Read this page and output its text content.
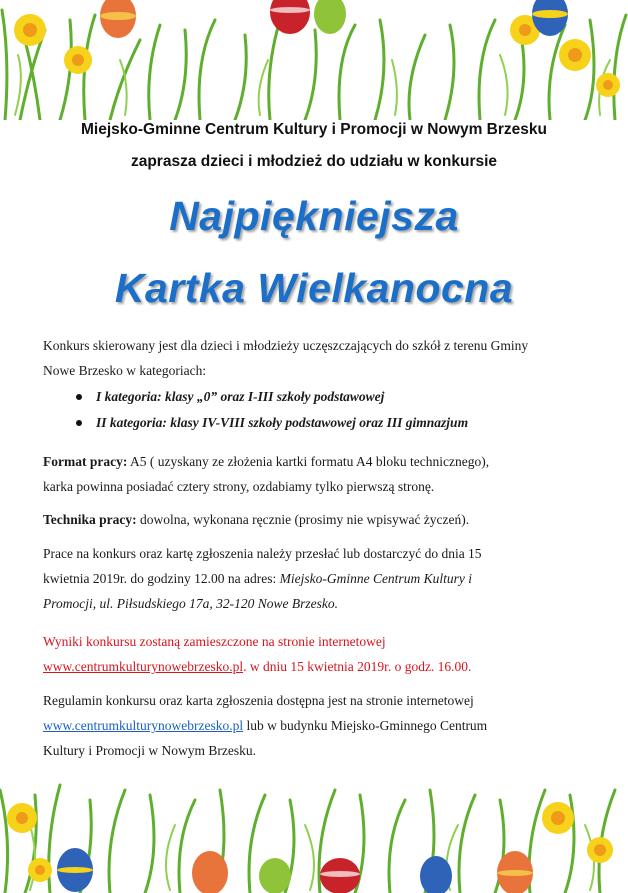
Miejsko-Gminne Centrum Kultury i Promocji w Nowym Brzesku
zaprasza dzieci i młodzież do udziału w konkursie
Najpiękniejsza
Kartka Wielkanocna
Konkurs skierowany jest dla dzieci i młodzieży uczęszczających do szkół z terenu Gminy
Nowe Brzesko w kategoriach:
I kategoria: klasy „0” oraz I-III szkoły podstawowej
II kategoria: klasy IV-VIII szkoły podstawowej oraz III gimnazjum
Format pracy: A5 ( uzyskany ze złożenia kartki formatu A4 bloku technicznego),
karka powinna posiadać cztery strony, ozdabiamy tylko pierwszą stronę.
Technika pracy: dowolna, wykonana ręcznie (prosimy nie wpisywać życzeń).
Prace na konkurs oraz kartę zgłoszenia należy przesłać lub dostarczyć do dnia 15
kwietnia 2019r. do godziny 12.00 na adres: Miejsko-Gminne Centrum Kultury i
Promocji, ul. Piłsudskiego 17a, 32-120 Nowe Brzesko.
Wyniki konkursu zostaną zamieszczone na stronie internetowej
www.centrumkulturynowebrzesko.pl. w dniu 15 kwietnia 2019r. o godz. 16.00.
Regulamin konkursu oraz karta zgłoszenia dostępna jest na stronie internetowej
www.centrumkulturynowebrzesko.pl lub w budynku Miejsko-Gminnego Centrum
Kultury i Promocji w Nowym Brzesku.
